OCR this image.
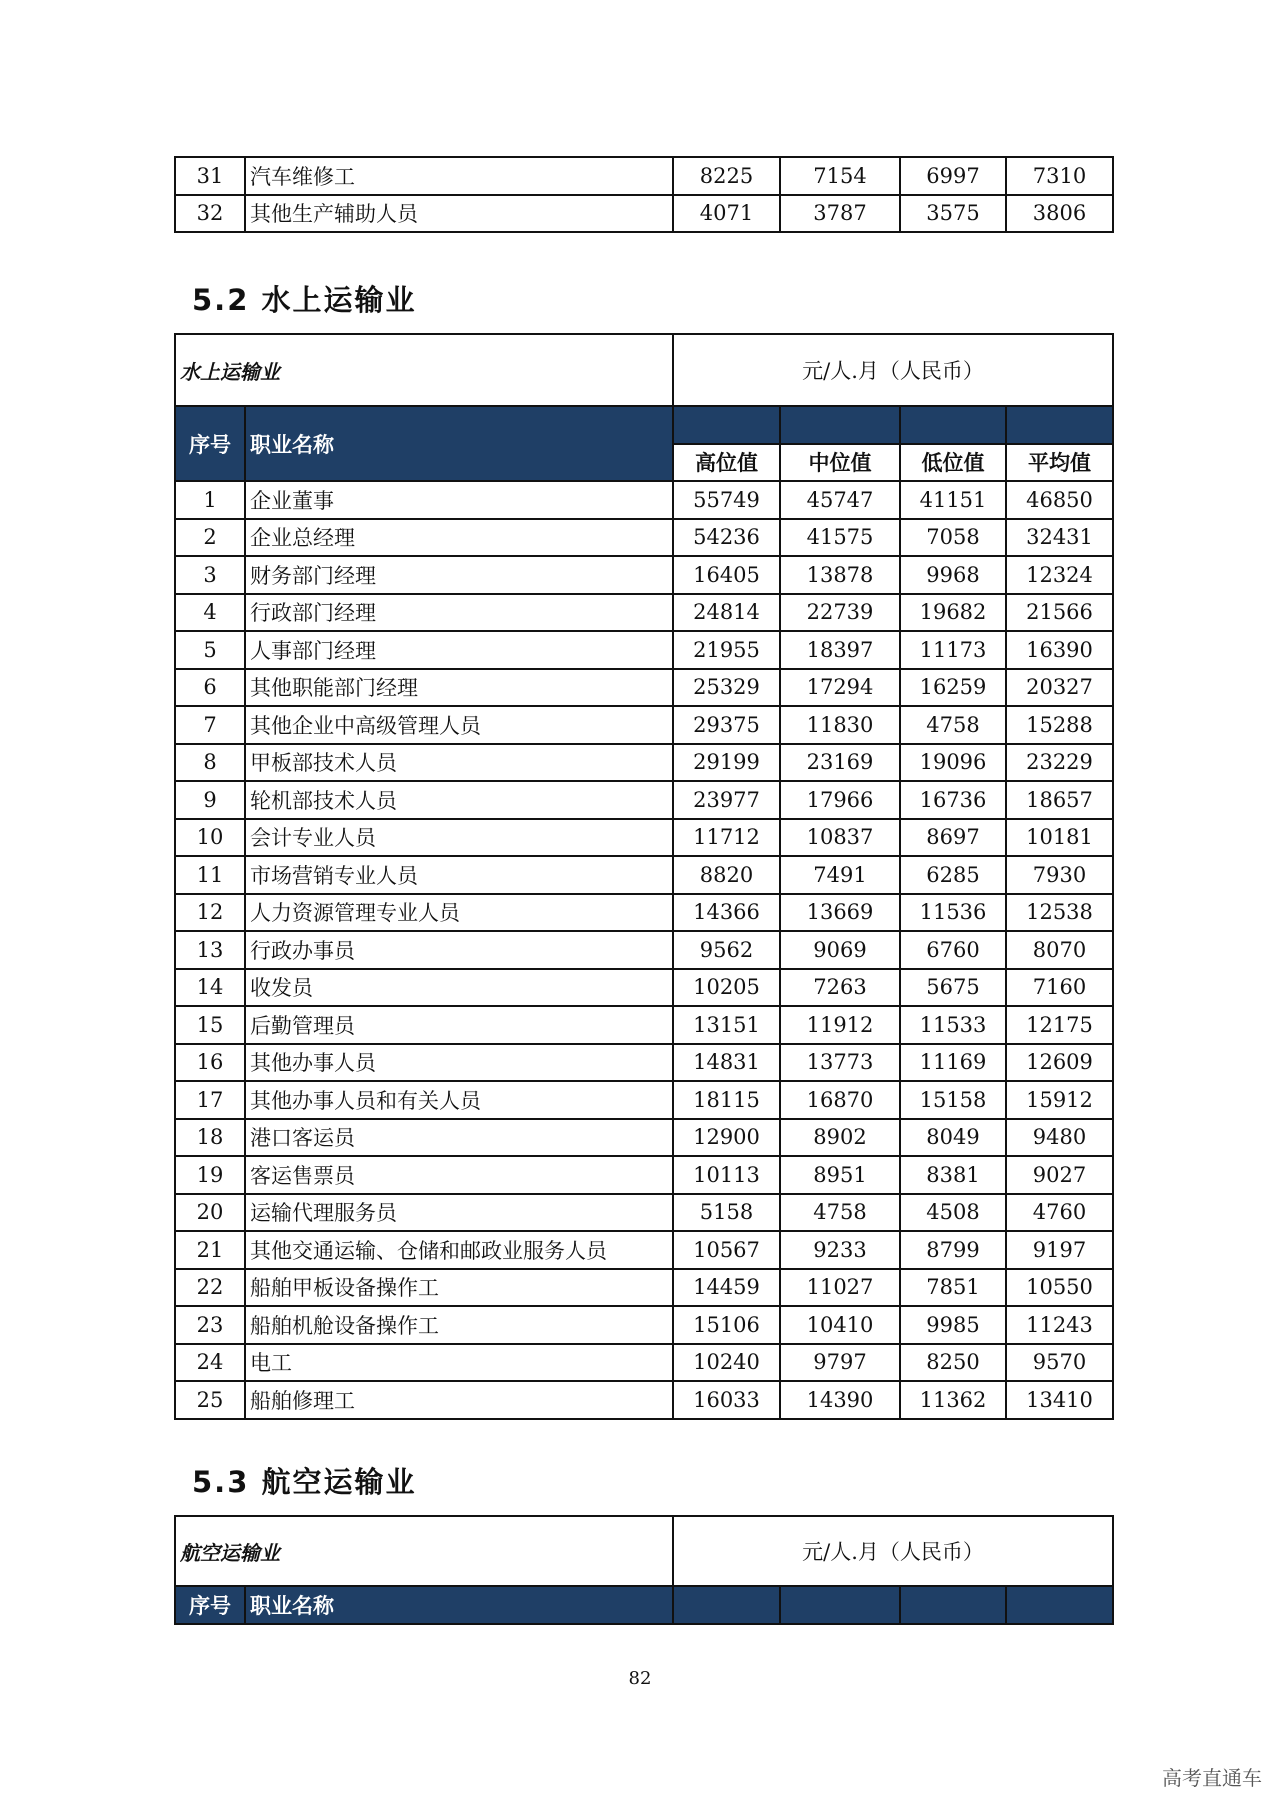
31	汽车维修工	8225	7154	6997	7310
32	其他生产辅助人员	4071	3787	3575	3806
5.2 水上运输业
水上运输业		元/人.月（人民币）			
序号	职业名称				
		高位值	中位值	低位值	平均值
1	企业董事	55749	45747	41151	46850
2	企业总经理	54236	41575	7058	32431
3	财务部门经理	16405	13878	9968	12324
4	行政部门经理	24814	22739	19682	21566
5	人事部门经理	21955	18397	11173	16390
6	其他职能部门经理	25329	17294	16259	20327
7	其他企业中高级管理人员	29375	11830	4758	15288
8	甲板部技术人员	29199	23169	19096	23229
9	轮机部技术人员	23977	17966	16736	18657
10	会计专业人员	11712	10837	8697	10181
11	市场营销专业人员	8820	7491	6285	7930
12	人力资源管理专业人员	14366	13669	11536	12538
13	行政办事员	9562	9069	6760	8070
14	收发员	10205	7263	5675	7160
15	后勤管理员	13151	11912	11533	12175
16	其他办事人员	14831	13773	11169	12609
17	其他办事人员和有关人员	18115	16870	15158	15912
18	港口客运员	12900	8902	8049	9480
19	客运售票员	10113	8951	8381	9027
20	运输代理服务员	5158	4758	4508	4760
21	其他交通运输、仓储和邮政业服务人员	10567	9233	8799	9197
22	船舶甲板设备操作工	14459	11027	7851	10550
23	船舶机舱设备操作工	15106	10410	9985	11243
24	电工	10240	9797	8250	9570
25	船舶修理工	16033	14390	11362	13410
5.3 航空运输业
航空运输业		元/人.月（人民币）			
序号	职业名称				
82
高考直通车
